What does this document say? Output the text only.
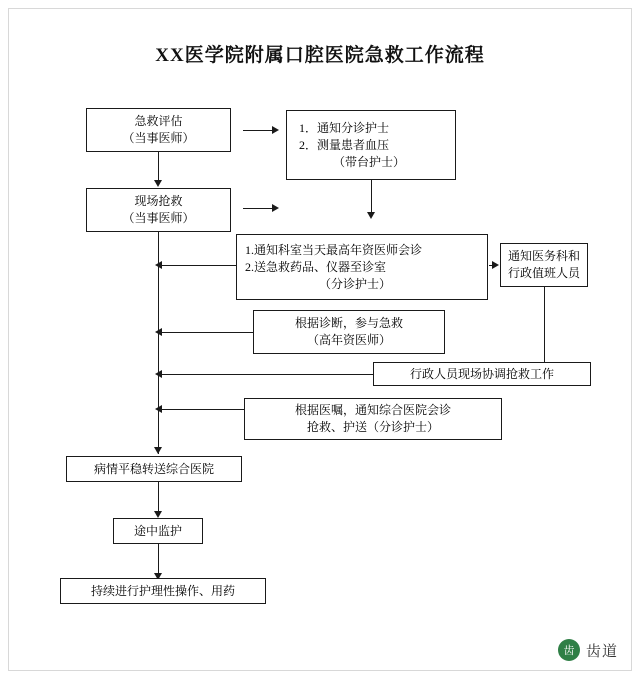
XX医学院附属口腔医院急救工作流程
急救评估
（当事医师）
1．通知分诊护士
2．测量患者血压
（带台护士）
现场抢救
（当事医师）
1.通知科室当天最高年资医师会诊
2.送急救药品、仪器至诊室
（分诊护士）
通知医务科和
行政值班人员
根据诊断，参与急救
（高年资医师）
行政人员现场协调抢救工作
根据医嘱，通知综合医院会诊
抢救、护送（分诊护士）
病情平稳转送综合医院
途中监护
持续进行护理性操作、用药
齿 齿道
